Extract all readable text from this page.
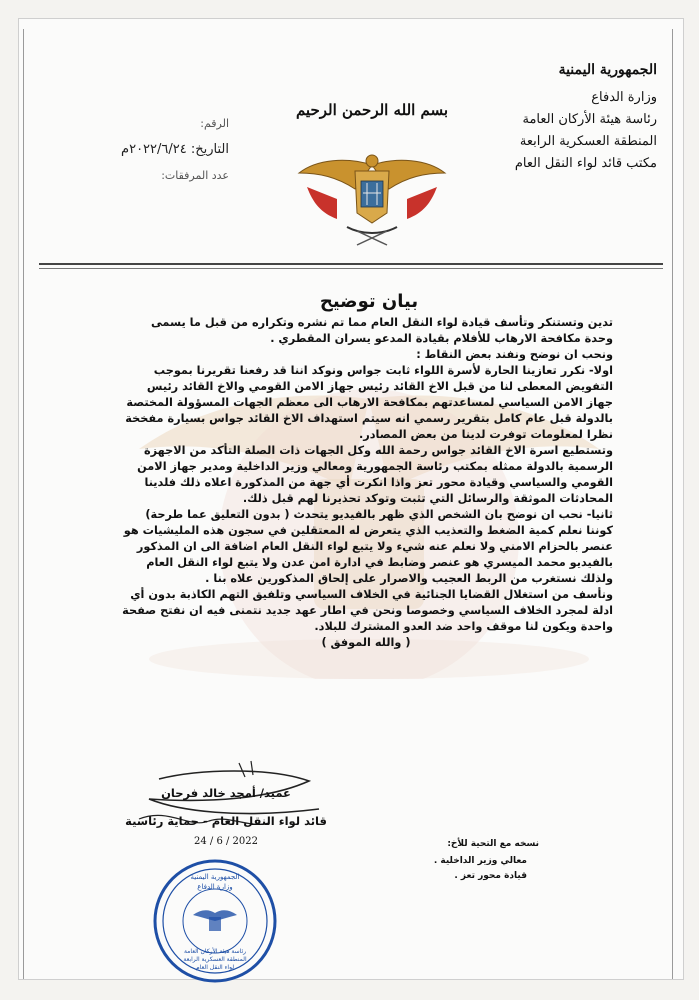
الجمهورية اليمنية
وزارة الدفاع
رئاسة هيئة الأركان العامة
المنطقة العسكرية الرابعة
مكتب قائد لواء النقل العام
بسم الله الرحمن الرحيم
الرقم:
التاريخ: ٢٠٢٢/٦/٢٤م
عدد المرفقات:
بيان توضيح

تدين وتستنكر وتأسف قيادة لواء النقل العام مما تم نشره وتكراره من قبل ما يسمى وحدة مكافحة الارهاب للأفلام بقيادة المدعو يسران المقطري .

ونحب ان نوضح ونفند بعض النقاط :

اولا- نكرر تعازينا الحارة لأسرة اللواء ثابت جواس ونوكد اننا قد رفعنا تقريرنا بموجب التفويض المعطى لنا من قبل الاخ القائد رئيس جهاز الامن القومي والاخ القائد رئيس جهاز الامن السياسي لمساعدتهم بمكافحة الارهاب الى معظم الجهات المسؤولة المختصة بالدولة قبل عام كامل بتقرير رسمي انه سيتم استهداف الاخ القائد جواس بسيارة مفخخة نظرا لمعلومات توفرت لدينا من بعض المصادر.

وتستطيع اسرة الاخ القائد جواس رحمة الله وكل الجهات ذات الصلة التأكد من الاجهزة الرسمية بالدولة ممثله بمكتب رئاسة الجمهورية ومعالي وزير الداخلية ومدير جهاز الامن القومي والسياسي وقيادة محور تعز واذا انكرت أي جهة من المذكورة اعلاه ذلك فلدينا المحادثات الموثقة والرسائل التي تثبت وتوكد تحذيرنا لهم قبل ذلك.

ثانيا- نحب ان نوضح بان الشخص الذي ظهر بالفيديو يتحدث ( بدون التعليق عما طرحة) كوننا نعلم كمية الضغط والتعذيب الذي يتعرض له المعتقلين في سجون هذه المليشيات هو عنصر بالحزام الامني ولا نعلم عنه شيء ولا يتبع لواء النقل العام اضافة الى ان المذكور بالفيديو محمد الميسري هو عنصر وضابط في ادارة امن عدن ولا يتبع لواء النقل العام ولذلك نستغرب من الربط العجيب والاصرار على إلحاق المذكورين علاه بنا .

ونأسف من استغلال القضايا الجنائية في الخلاف السياسي وتلفيق التهم الكاذبة بدون أي ادلة لمجرد الخلاف السياسي وخصوصا ونحن في اطار عهد جديد نتمنى فيه ان نفتح صفحة واحدة ويكون لنا موقف واحد ضد العدو المشترك للبلاد.

( والله الموفق )

عميد/ أمجد خالد فرحان
قائد لواء النقل العام - حماية رئاسية
24 / 6 / 2022	نسخه مع التحية للأخ:
معالي وزير الداخلية .
قيادة محور تعز .
الجمهورية اليمنية
وزارة الدفاع
رئاسة هيئة الأركان العامة
المنطقة العسكرية الرابعة
لواء النقل العام
